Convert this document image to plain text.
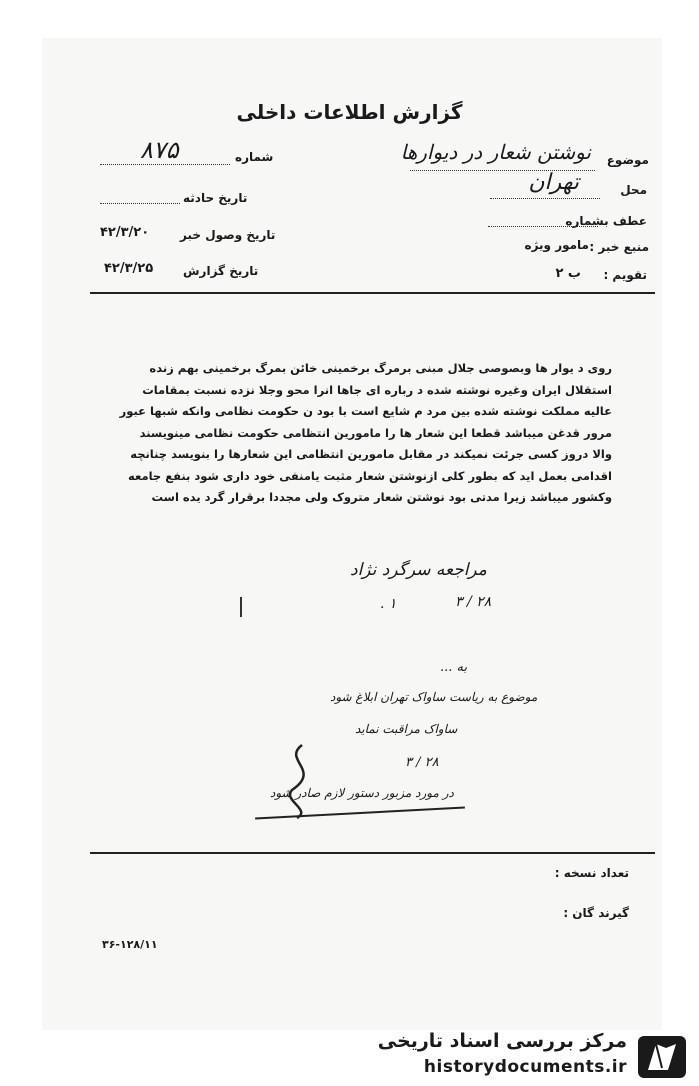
گزارش اطلاعات داخلی
موضوع
نوشتن شعار در دیوارها
محل
تهران
عطف بشماره
منبع خبر :
مامور ویژه
تقویم :
ب ۲
شماره
۸۷۵
تاریخ حادثه
تاریخ وصول خبر
۴۲/۳/۲۰
تاریخ گزارش
۴۲/۳/۲۵
روی د یوار ها وبصوصی جلال مبنی برمرگ برخمینی خائن بمرگ برخمینی بهم زنده
استقلال ایران وغیره نوشته شده د رباره ای جاها انرا محو وجلا نزده نسبت بمقامات
عالیه مملکت نوشته شده بین مرد م شایع است با بود ن حکومت نظامی وانکه شبها عبور
مرور قدغن میباشد قطعا این شعار ها را مامورین انتظامی حکومت نظامی مینویسند
والا دروز کسی جرئت نمیکند در مقابل مامورین انتظامی این شعارها را بنویسد چنانچه
اقدامی بعمل اید که بطور کلی ازنوشتن شعار مثبت یامنفی خود داری شود بنفع جامعه
وکشور میباشد زیرا مدتی بود نوشتن شعار متروک ولی مجددا برقرار گرد یده است
مراجعه سرگرد نژاد
۲۸ / ۳
۱ .
به ...
موضوع به ریاست ساواک تهران ابلاغ شود
ساواک مراقبت نماید
۲۸ / ۳
در مورد مزبور دستور لازم صادر شود
تعداد نسخه :
گیرند گان :
۳۶-۱۲۸/۱۱
مرکز بررسی اسناد تاریخی
historydocuments.ir
